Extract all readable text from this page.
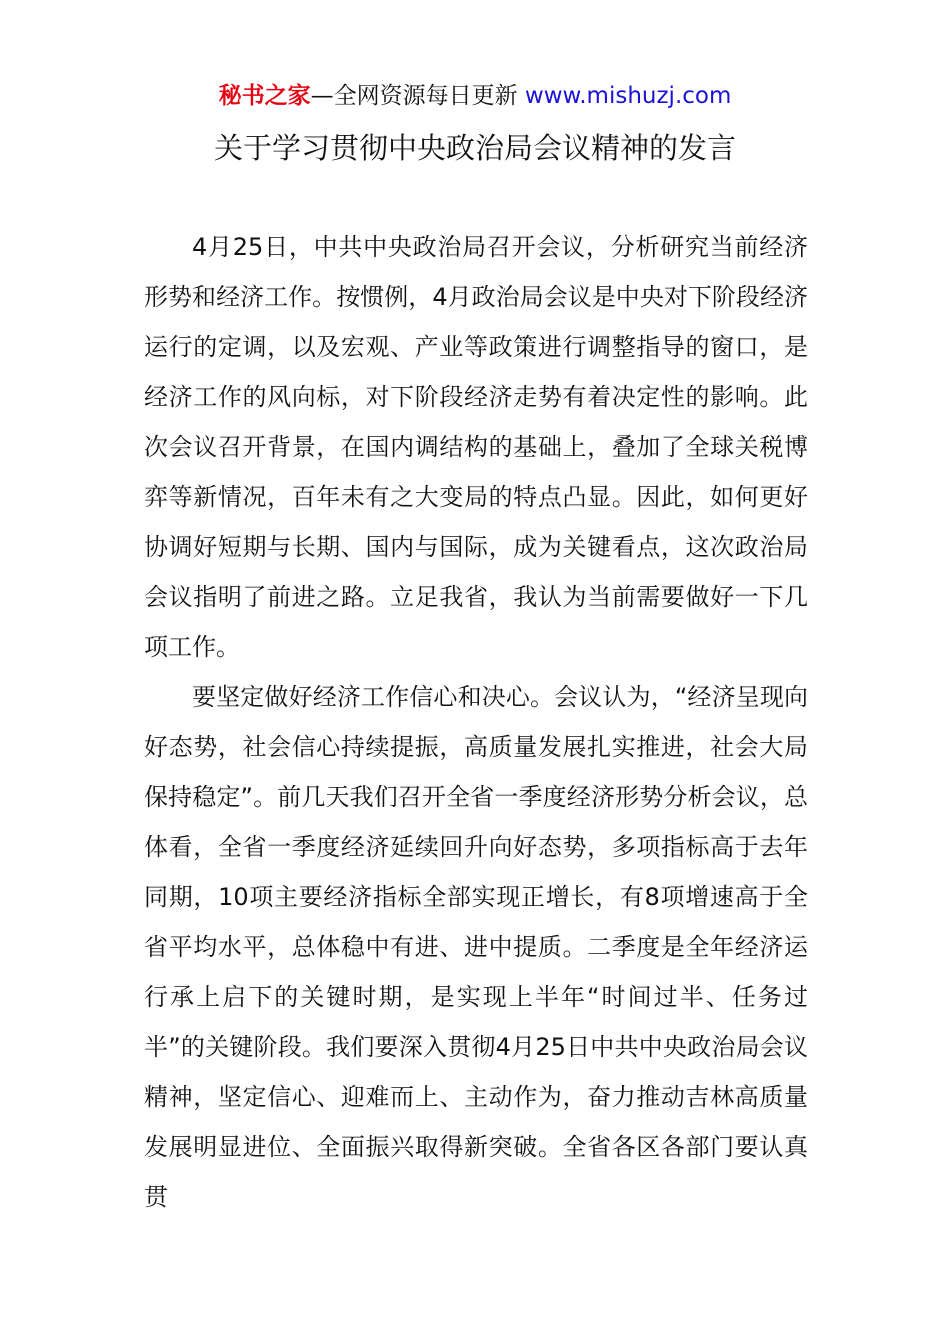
秘书之家—全网资源每日更新 www.mishuzj.com
关于学习贯彻中央政治局会议精神的发言

4月25日，中共中央政治局召开会议，分析研究当前经济形势和经济工作。按惯例，4月政治局会议是中央对下阶段经济运行的定调，以及宏观、产业等政策进行调整指导的窗口，是经济工作的风向标，对下阶段经济走势有着决定性的影响。此次会议召开背景，在国内调结构的基础上，叠加了全球关税博弈等新情况，百年未有之大变局的特点凸显。因此，如何更好协调好短期与长期、国内与国际，成为关键看点，这次政治局会议指明了前进之路。立足我省，我认为当前需要做好一下几项工作。

要坚定做好经济工作信心和决心。会议认为，“经济呈现向好态势，社会信心持续提振，高质量发展扎实推进，社会大局保持稳定”。前几天我们召开全省一季度经济形势分析会议，总体看，全省一季度经济延续回升向好态势，多项指标高于去年同期，10项主要经济指标全部实现正增长，有8项增速高于全省平均水平，总体稳中有进、进中提质。二季度是全年经济运行承上启下的关键时期，是实现上半年“时间过半、任务过半”的关键阶段。我们要深入贯彻4月25日中共中央政治局会议精神，坚定信心、迎难而上、主动作为，奋力推动吉林高质量发展明显进位、全面振兴取得新突破。全省各区各部门要认真贯
